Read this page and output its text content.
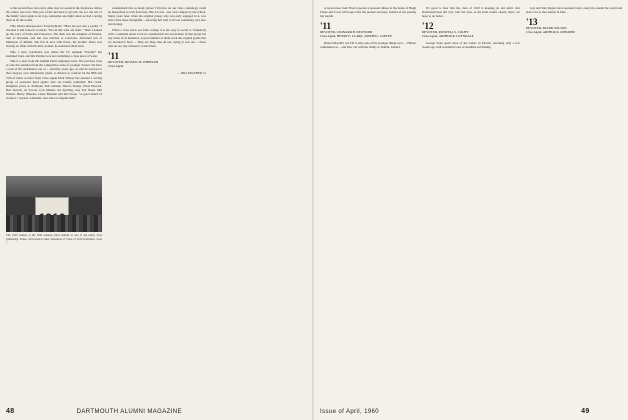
to the second floor and every other step for sound in the fireplaces, before the winter was over. This year of his dad tried to get into the act, the rest of the family voted again to let it go somewhat one night when we had a spring thaw in all the rooms.

This, Dick's interspersed a French phrase: "Have not qui veut y perdre." I checked it and found it to mean: "Not in this wise old deals." Then I looked up the story of Farha and Francesca. The dusk was the daughter of Polenta, lord of Ravenna, and she was married to Lanciotto, deformed son of Malatesta of Rimini. She fell in love with Paolo, his brother. Paolo was leaving an affair with his little woman, he murdered them both.

This, I have concluded, was where the TV segment "Parallel" has stemmed from, and this Parallel was not swimming a clean piece of water.

This is a note from the Alumni Fund campaign starts. The previous class of ours has ventured from the competitive racks of younger classes. We have a total of 84 contributors out of ... and fifty years ago, so will be lowered to that category over enthusiasm, given, or shadow or contrast for the 80th and 75th of them. A letter from Class Agent Dick Wilson has assured a sorting group of seasoned head agents who are briefly reminded: Hal Clark, Kinghorn (Zoo) A. Erdmann, Bob Gilman, Horace Fielder, Elton Howard, Bob Stewart, Al Scoval, Curt Mellen, Art Sperling, Gus Von Stuart, Bill Walton, Henry Wheeler, Lester Blaicher and Del Chase. "A good bunch of workers," Gordon comments, and who's to dispute him?

wonderment that as many (about 150) now on our class cosmology could be dispatched so well from here. But it is not ...her own campus by the school. Many years later, when the original group, who was early engaged in it, was still a little more thoughtful ... knowing full well it all was something very new and strange.

When a class starts out from college it is not easy to recall it. Somebody with a comment about it but no organization but our manner of that group fed any sense of its members. A great number of them work the original grants that we decided to have ... They are busy, like all ten, trying to sort out ... those who do not rely without it wasn't there.

'11
DEVOTED, RUSSELL B. WHEELER
Class Agent
— BILL KELEHER '11
The 1910 banner at the 50th reunion, held outside at one of the many class gatherings. These, with several other snapshots of Class of 1910 festivities, were ...
48	DARTMOUTH ALUMNI MAGAZINE

A recent note from Thurl reported a pleasant dinner at the home of Hugh Chase and it was with regret that the present secretary learned of his passing last month.

'11
DEVOTED, LEONARD B. NEWSOME
Class Agent, HENRY E. CLARK, JOSEPH L. COFFEE

Hubert Morrill's son Till is sixty-one of the younger things ever — Hubert commented as ... and flew out with the family to Dublin, Ireland.

It's good to hear that the class of 1910 is keeping its old spirit. Our Dartmouth men did very well last year, as the fund results clearly show; we hope to do better.

'12
DEVOTED, ROSWELL S. COLBY
Class Agent, ARTHUR R. LOYNDALE

George Stout spent most of the winter in Florida, returning only a few weeks ago with wonderful tales of sunshine and fishing.

Gay and Tom Rogers have returned from a long trip around the world and plan to be at the reunion in June.

'13
DEVOTED, FRANK WILSON
Class Agent, ARTHUR R. OSBORNE
Issue of April, 1960	49
